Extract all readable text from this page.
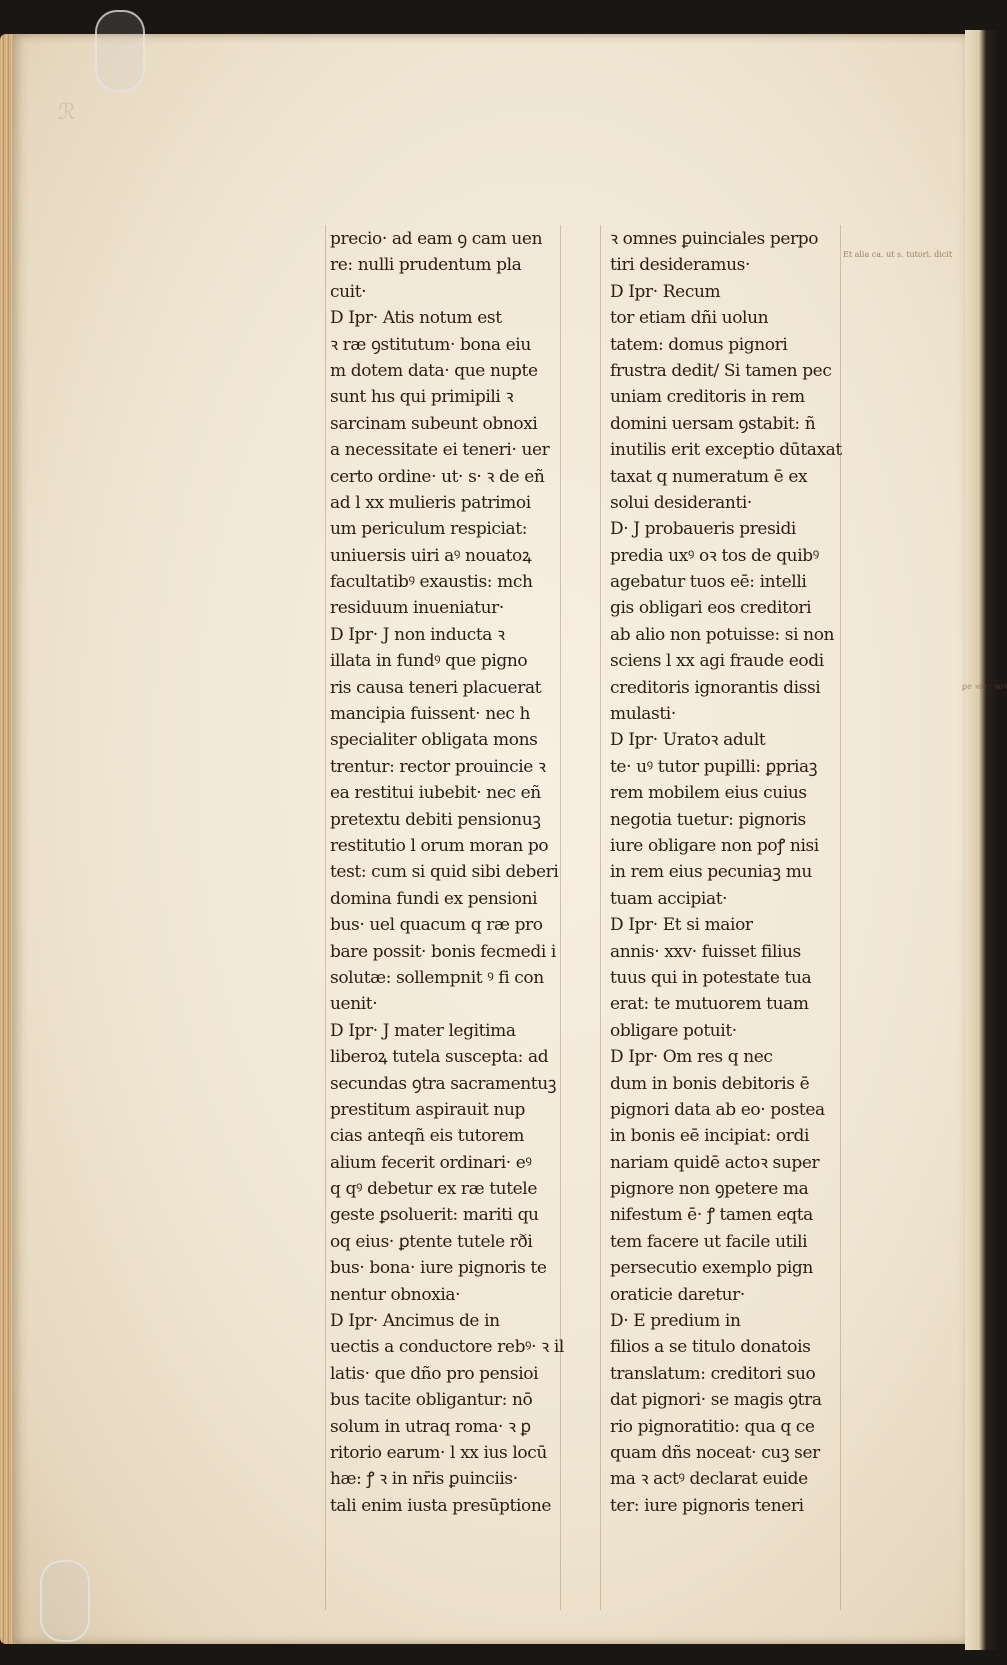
ℛ
precio· ad eam ꝯ cam uen
re: nulli prudentum pla
cuit·
D Ipr· Atis notum est
ꝛ ræ ꝯstitutum· bona eiu
m dotem data· que nupte
sunt hıs qui primipili ꝛ
sarcinam subeunt obnoxi
a necessitate ei teneri· uer
certo ordine· ut· s· ꝛ de eñ
ad l xx mulieris patrimoi
um periculum respiciat:
uniuersis uiri aꝰ nouatoꝝ
facultatibꝰ exaustis: mch
residuum inueniatur·
D Ipr· J non inducta ꝛ
illata in fundꝰ que pigno
ris causa teneri placuerat
mancipia fuissent· nec h
specialiter obligata mons
trentur: rector prouincie ꝛ
ea restitui iubebit· nec eñ
pretextu debiti pensionuꝫ
restitutio l orum moran po
test: cum si quid sibi deberi
domina fundi ex pensioni
bus· uel quacum q ræ pro
bare possit· bonis fecmedi i
solutæ: sollempnit ꝰ fi con
uenit·
D Ipr· J mater legitima
liberoꝝ tutela suscepta: ad
secundas ꝯtra sacramentuꝫ
prestitum aspirauit nup
cias anteqñ eis tutorem
alium fecerit ordinari· eꝰ
q qꝰ debetur ex ræ tutele
geste ꝑsoluerit: mariti qu
oq eius· ꝑtente tutele rði
bus· bona· iure pignoris te
nentur obnoxia·
D Ipr· Ancimus de in
uectis a conductore rebꝰ· ꝛ il
latis· que dño pro pensioi
bus tacite obligantur: nō
solum in utraq roma· ꝛ ꝑ
ritorio earum· l xx ius locū
hæ: ꝭ ꝛ in nr̄is ꝑuinciis·
tali enim iusta presūptione
ꝛ omnes ꝑuinciales perpo
tiri desideramus·
D Ipr· Recum
tor etiam dñi uolun
tatem: domus pignori
frustra dedit/ Si tamen pec
uniam creditoris in rem
domini uersam ꝯstabit: ñ
inutilis erit exceptio dūtaxat
taxat q numeratum ē ex
solui desideranti·
D· J probaueris presidi
predia uxꝰ oꝛ tos de quibꝰ
agebatur tuos eē: intelli
gis obligari eos creditori
ab alio non potuisse: si non
sciens l xx agi fraude eodi
creditoris ignorantis dissi
mulasti·
D Ipr· Uratoꝛ adult
te· uꝰ tutor pupilli: ꝑpriaꝫ
rem mobilem eius cuius
negotia tuetur: pignoris
iure obligare non poꝭ nisi
in rem eius pecuniaꝫ mu
tuam accipiat·
D Ipr· Et si maior
annis· xxv· fuisset filius
tuus qui in potestate tua
erat: te mutuorem tuam
obligare potuit·
D Ipr· Om res q nec
dum in bonis debitoris ē
pignori data ab eo· postea
in bonis eē incipiat: ordi
nariam quidē actoꝛ super
pignore non ꝯpetere ma
nifestum ē· ꝭ tamen eqta
tem facere ut facile utili
persecutio exemplo pign
oraticie daretur·
D· E predium in
filios a se titulo donatois
translatum: creditori suo
dat pignori· se magis ꝯtra
rio pignoratitio: qua q ce
quam dñs noceat· cuꝫ ser
ma ꝛ actꝰ declarat euide
ter: iure pignoris teneri
Et alia ca. ut s. tutori. dicit
ꝑe ꝛoꝛ · ꝛoꝛ
